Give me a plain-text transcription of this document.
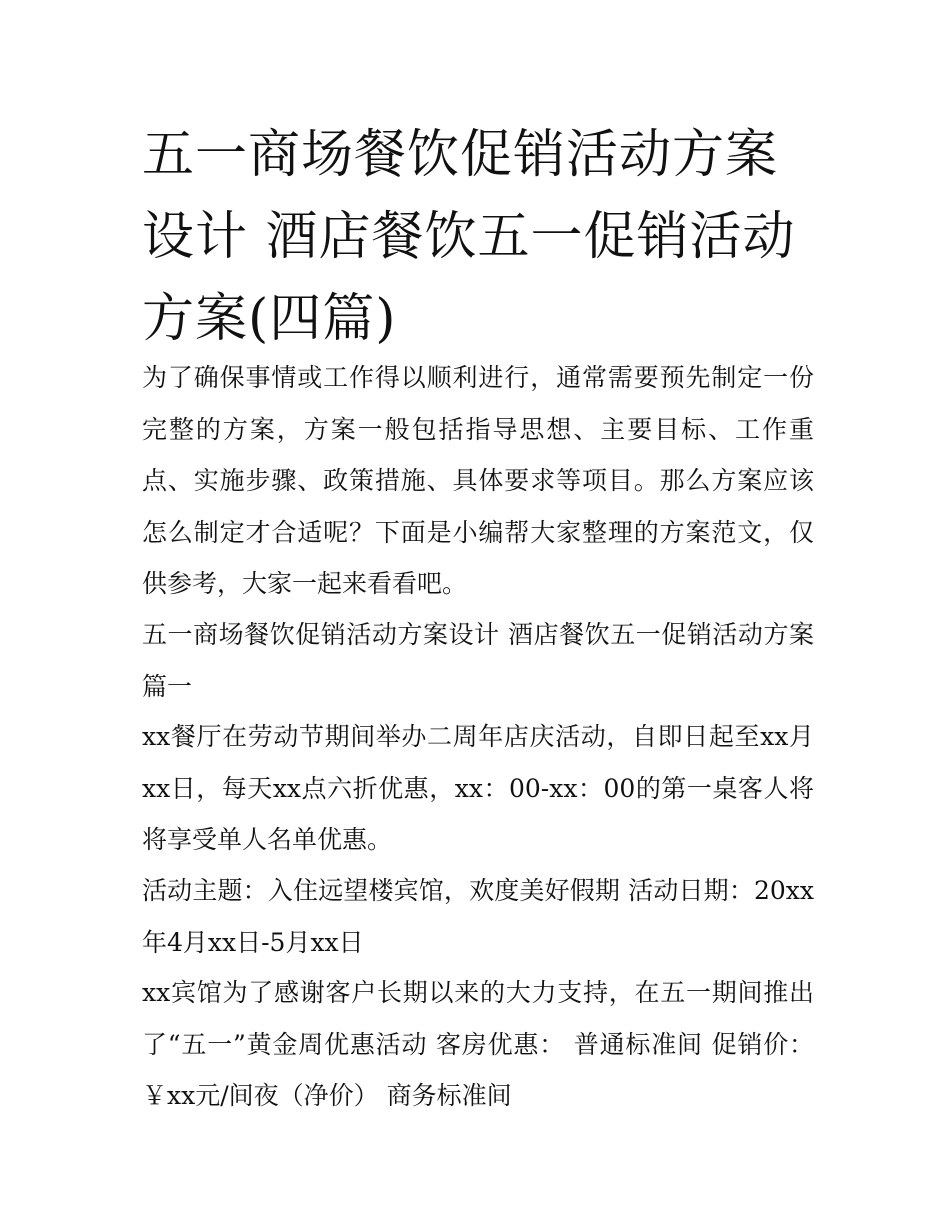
五一商场餐饮促销活动方案设计 酒店餐饮五一促销活动方案(四篇)

为了确保事情或工作得以顺利进行，通常需要预先制定一份完整的方案，方案一般包括指导思想、主要目标、工作重点、实施步骤、政策措施、具体要求等项目。那么方案应该怎么制定才合适呢？下面是小编帮大家整理的方案范文，仅供参考，大家一起来看看吧。

五一商场餐饮促销活动方案设计 酒店餐饮五一促销活动方案篇一

xx餐厅在劳动节期间举办二周年店庆活动，自即日起至xx月xx日，每天xx点六折优惠，xx：00-xx：00的第一桌客人将将享受单人名单优惠。

活动主题：入住远望楼宾馆，欢度美好假期 活动日期：20xx年4月xx日-5月xx日

xx宾馆为了感谢客户长期以来的大力支持，在五一期间推出了“五一”黄金周优惠活动 客房优惠： 普通标准间 促销价：￥xx元/间夜（净价） 商务标准间
